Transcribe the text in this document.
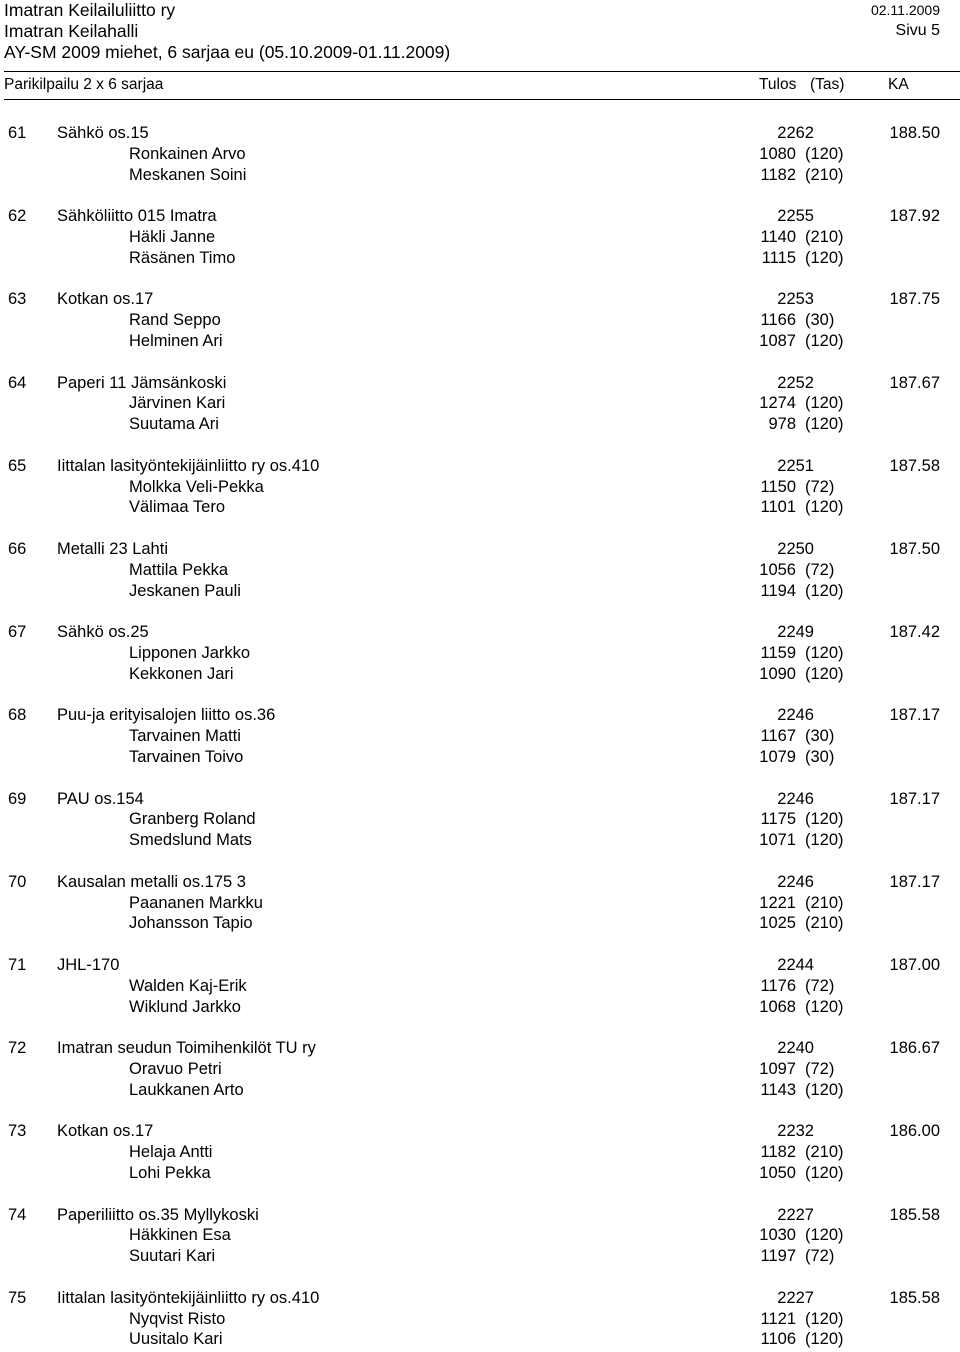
Imatran Keilailuliitto ry	02.11.2009
Imatran Keilahalli	Sivu 5
AY-SM 2009 miehet, 6 sarjaa eu (05.10.2009-01.11.2009)
Parikilpailu 2 x 6 sarjaa	Tulos (Tas)	KA
61 Sähkö os.15	2262	188.50
Ronkainen Arvo	1080 (120)
Meskanen Soini	1182 (210)
62 Sähköliitto 015 Imatra	2255	187.92
Häkli Janne	1140 (210)
Räsänen Timo	1115 (120)
63 Kotkan os.17	2253	187.75
Rand Seppo	1166 (30)
Helminen Ari	1087 (120)
64 Paperi 11 Jämsänkoski	2252	187.67
Järvinen Kari	1274 (120)
Suutama Ari	978 (120)
65 Iittalan lasityöntekijäinliitto ry os.410	2251	187.58
Molkka Veli-Pekka	1150 (72)
Välimaa Tero	1101 (120)
66 Metalli 23 Lahti	2250	187.50
Mattila Pekka	1056 (72)
Jeskanen Pauli	1194 (120)
67 Sähkö os.25	2249	187.42
Lipponen Jarkko	1159 (120)
Kekkonen Jari	1090 (120)
68 Puu-ja erityisalojen liitto os.36	2246	187.17
Tarvainen Matti	1167 (30)
Tarvainen Toivo	1079 (30)
69 PAU os.154	2246	187.17
Granberg Roland	1175 (120)
Smedslund Mats	1071 (120)
70 Kausalan metalli os.175 3	2246	187.17
Paananen Markku	1221 (210)
Johansson Tapio	1025 (210)
71 JHL-170	2244	187.00
Walden Kaj-Erik	1176 (72)
Wiklund Jarkko	1068 (120)
72 Imatran seudun Toimihenkilöt TU ry	2240	186.67
Oravuo Petri	1097 (72)
Laukkanen Arto	1143 (120)
73 Kotkan os.17	2232	186.00
Helaja Antti	1182 (210)
Lohi Pekka	1050 (120)
74 Paperiliitto os.35 Myllykoski	2227	185.58
Häkkinen Esa	1030 (120)
Suutari Kari	1197 (72)
75 Iittalan lasityöntekijäinliitto ry os.410	2227	185.58
Nyqvist Risto	1121 (120)
Uusitalo Kari	1106 (120)
